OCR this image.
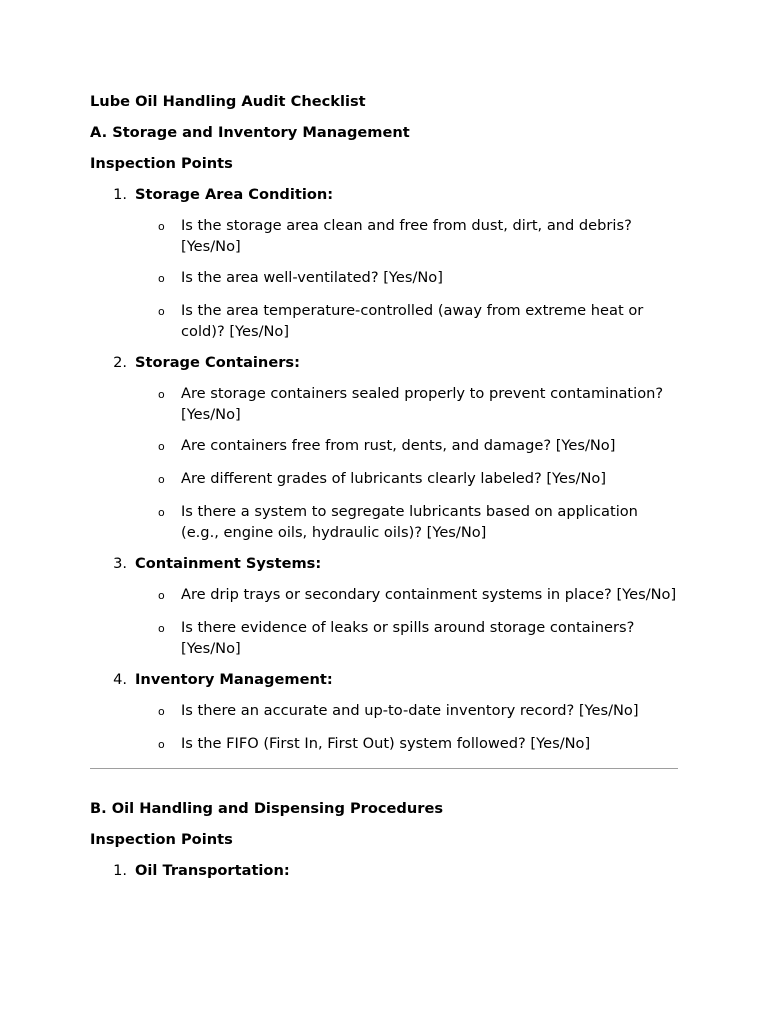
Lube Oil Handling Audit Checklist
A. Storage and Inventory Management
Inspection Points
1. Storage Area Condition:
o	Is the storage area clean and free from dust, dirt, and debris? [Yes/No]
o	Is the area well-ventilated? [Yes/No]
o	Is the area temperature-controlled (away from extreme heat or cold)? [Yes/No]
2. Storage Containers:
o	Are storage containers sealed properly to prevent contamination? [Yes/No]
o	Are containers free from rust, dents, and damage? [Yes/No]
o	Are different grades of lubricants clearly labeled? [Yes/No]
o	Is there a system to segregate lubricants based on application (e.g., engine oils, hydraulic oils)? [Yes/No]
3. Containment Systems:
o	Are drip trays or secondary containment systems in place? [Yes/No]
o	Is there evidence of leaks or spills around storage containers? [Yes/No]
4. Inventory Management:
o	Is there an accurate and up-to-date inventory record? [Yes/No]
o	Is the FIFO (First In, First Out) system followed? [Yes/No]
B. Oil Handling and Dispensing Procedures
Inspection Points
1. Oil Transportation:
